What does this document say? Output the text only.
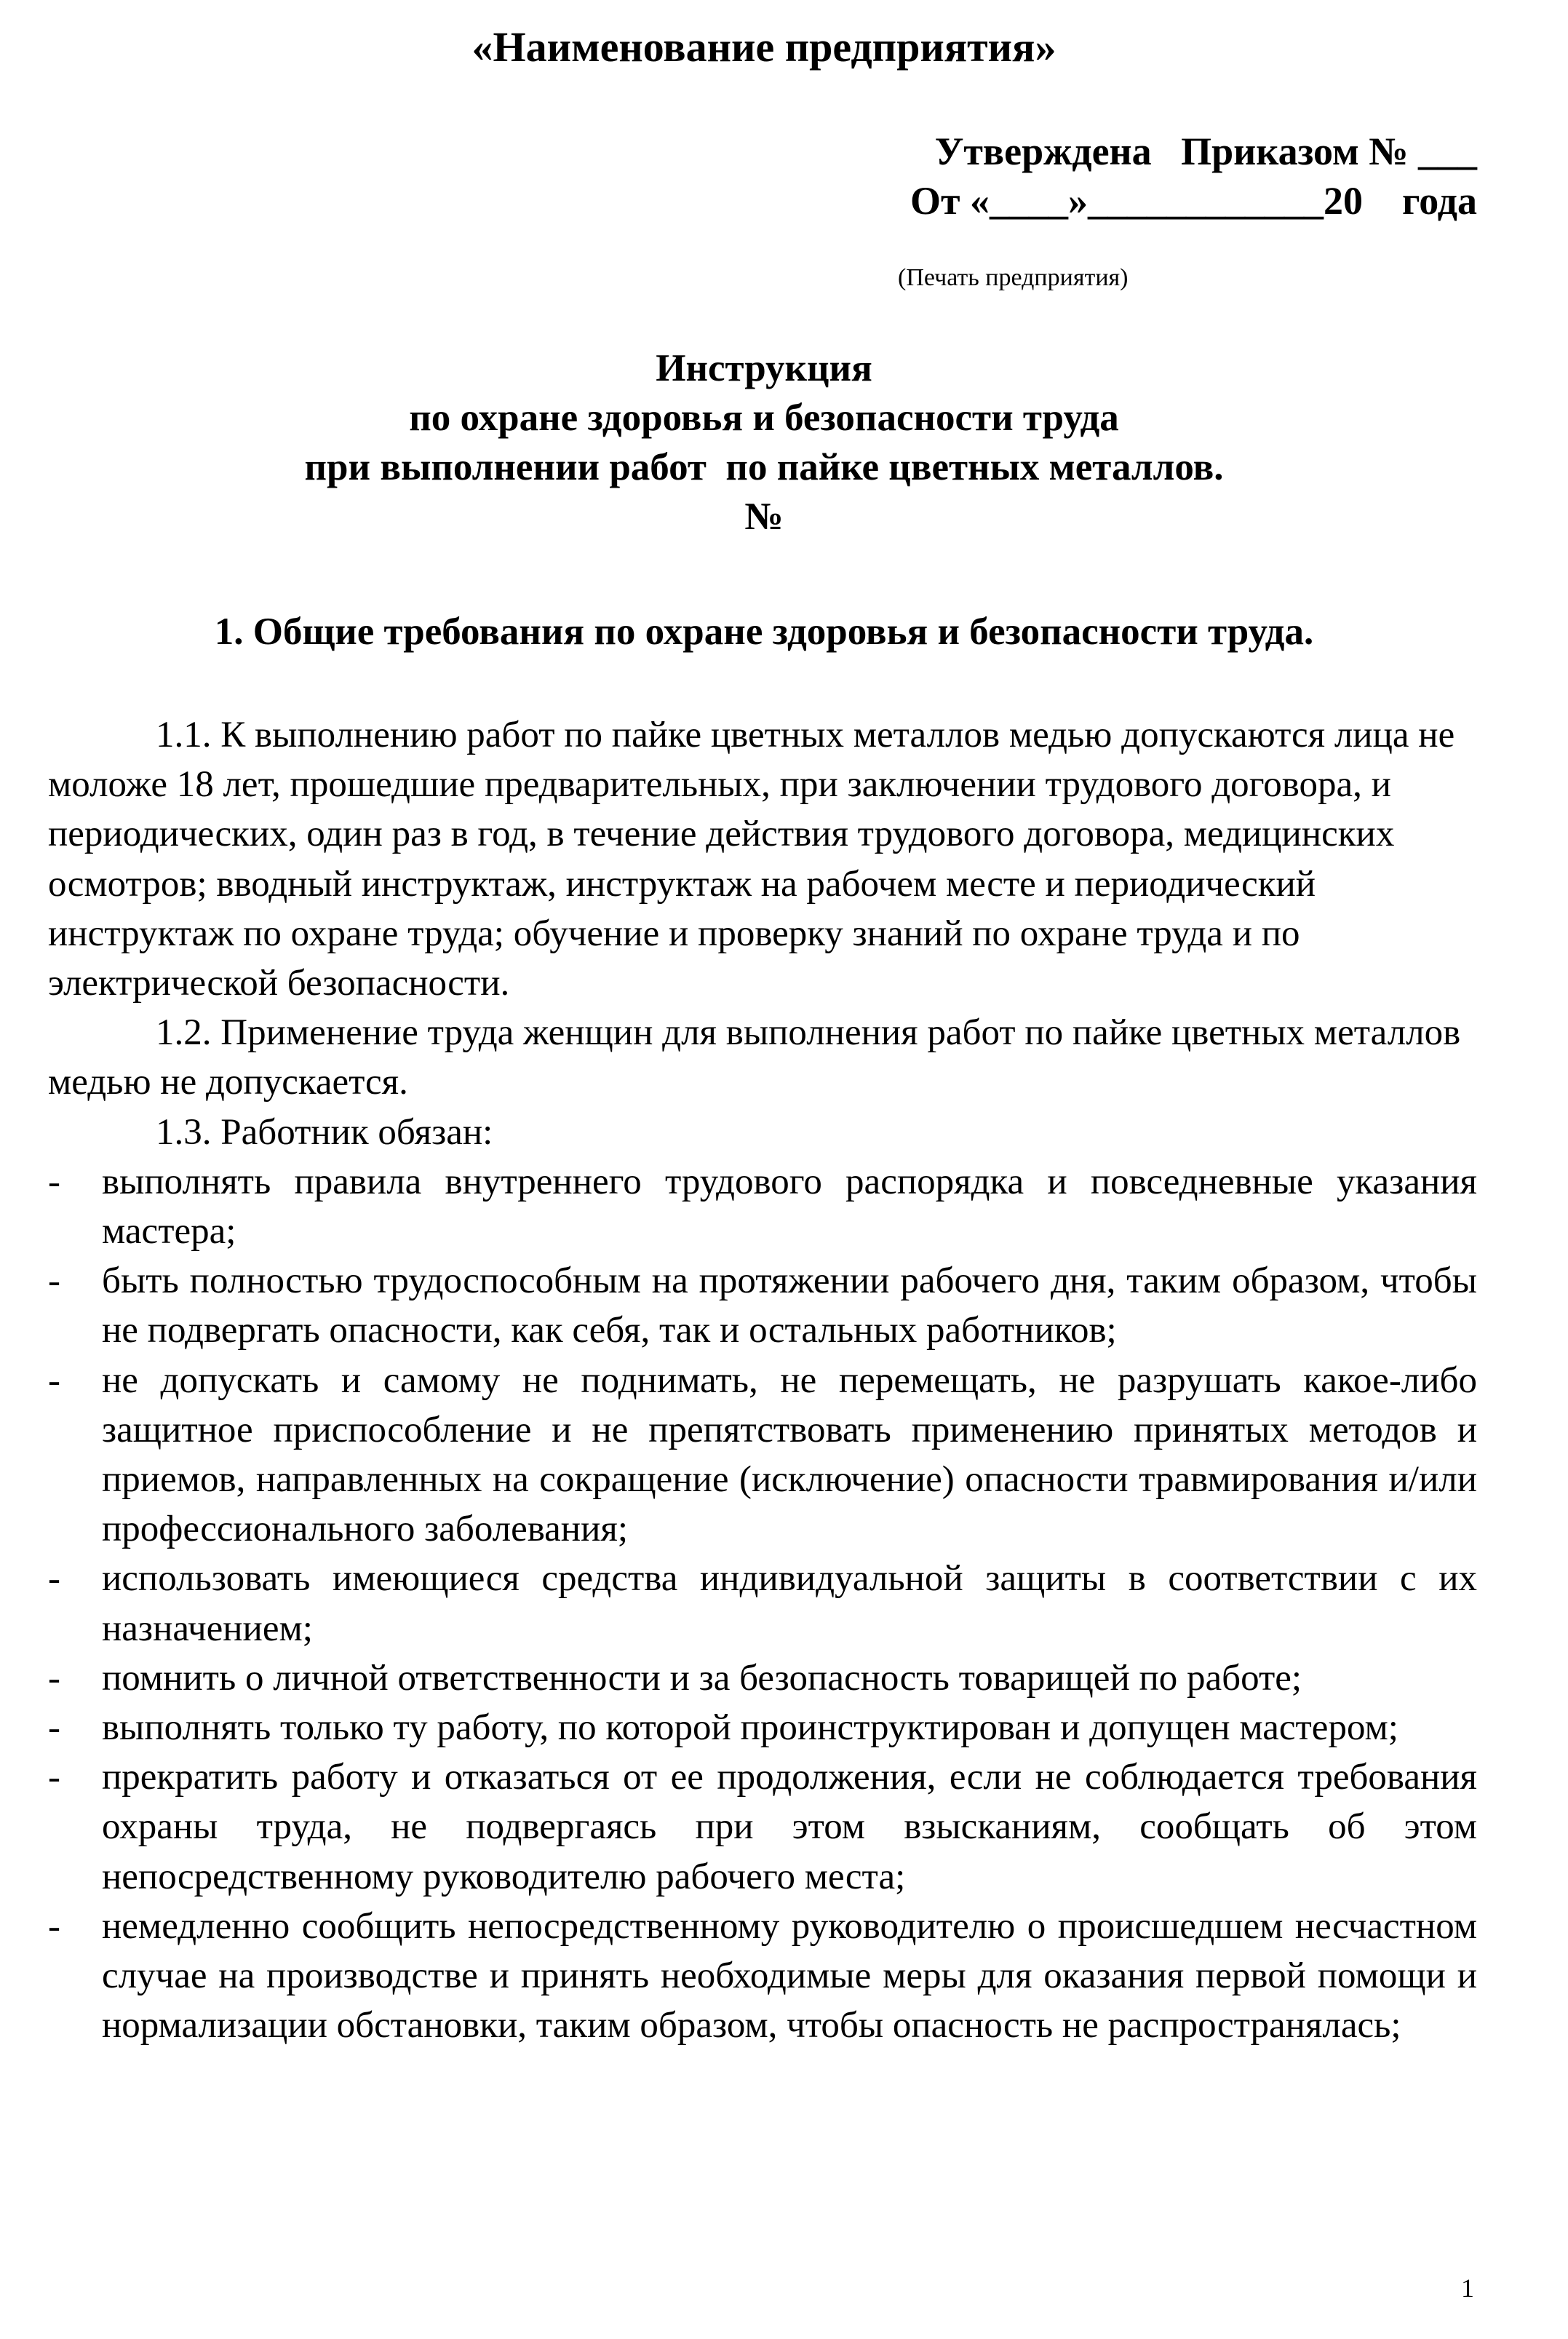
«Наименование предприятия»
Утверждена   Приказом № ___
От «____»____________20    года
(Печать предприятия)
Инструкция
по охране здоровья и безопасности труда
при выполнении работ  по пайке цветных металлов.
№
1. Общие требования по охране здоровья и безопасности труда.

1.1. К выполнению работ по пайке цветных металлов медью допускаются лица не моложе 18 лет, прошедшие предварительных, при заключении трудового договора, и периодических, один раз в год, в течение действия трудового договора, медицинских осмотров; вводный инструктаж, инструктаж на рабочем месте и периодический инструктаж по охране труда; обучение и проверку знаний по охране труда и по электрической безопасности.

1.2. Применение труда женщин для выполнения работ по пайке цветных металлов медью не допускается.

1.3. Работник обязан:

- выполнять правила внутреннего трудового распорядка и повседневные указания мастера;

- быть полностью трудоспособным на протяжении рабочего дня, таким образом, чтобы не подвергать опасности, как себя, так и остальных работников;

- не допускать и самому не поднимать, не перемещать, не разрушать какое-либо защитное приспособление и не препятствовать применению принятых методов и приемов, направленных на сокращение (исключение) опасности травмирования и/или профессионального заболевания;

- использовать имеющиеся средства индивидуальной защиты в соответствии с их назначением;

- помнить о личной ответственности и за безопасность товарищей по работе;

- выполнять только ту работу, по которой проинструктирован и допущен мастером;

- прекратить работу и отказаться от ее продолжения, если не соблюдается требования охраны труда, не подвергаясь при этом взысканиям, сообщать об этом непосредственному руководителю рабочего места;

- немедленно сообщить непосредственному руководителю о происшедшем несчастном случае на производстве и принять необходимые меры для оказания первой помощи и нормализации обстановки, таким образом, чтобы опасность не распространялась;

1
